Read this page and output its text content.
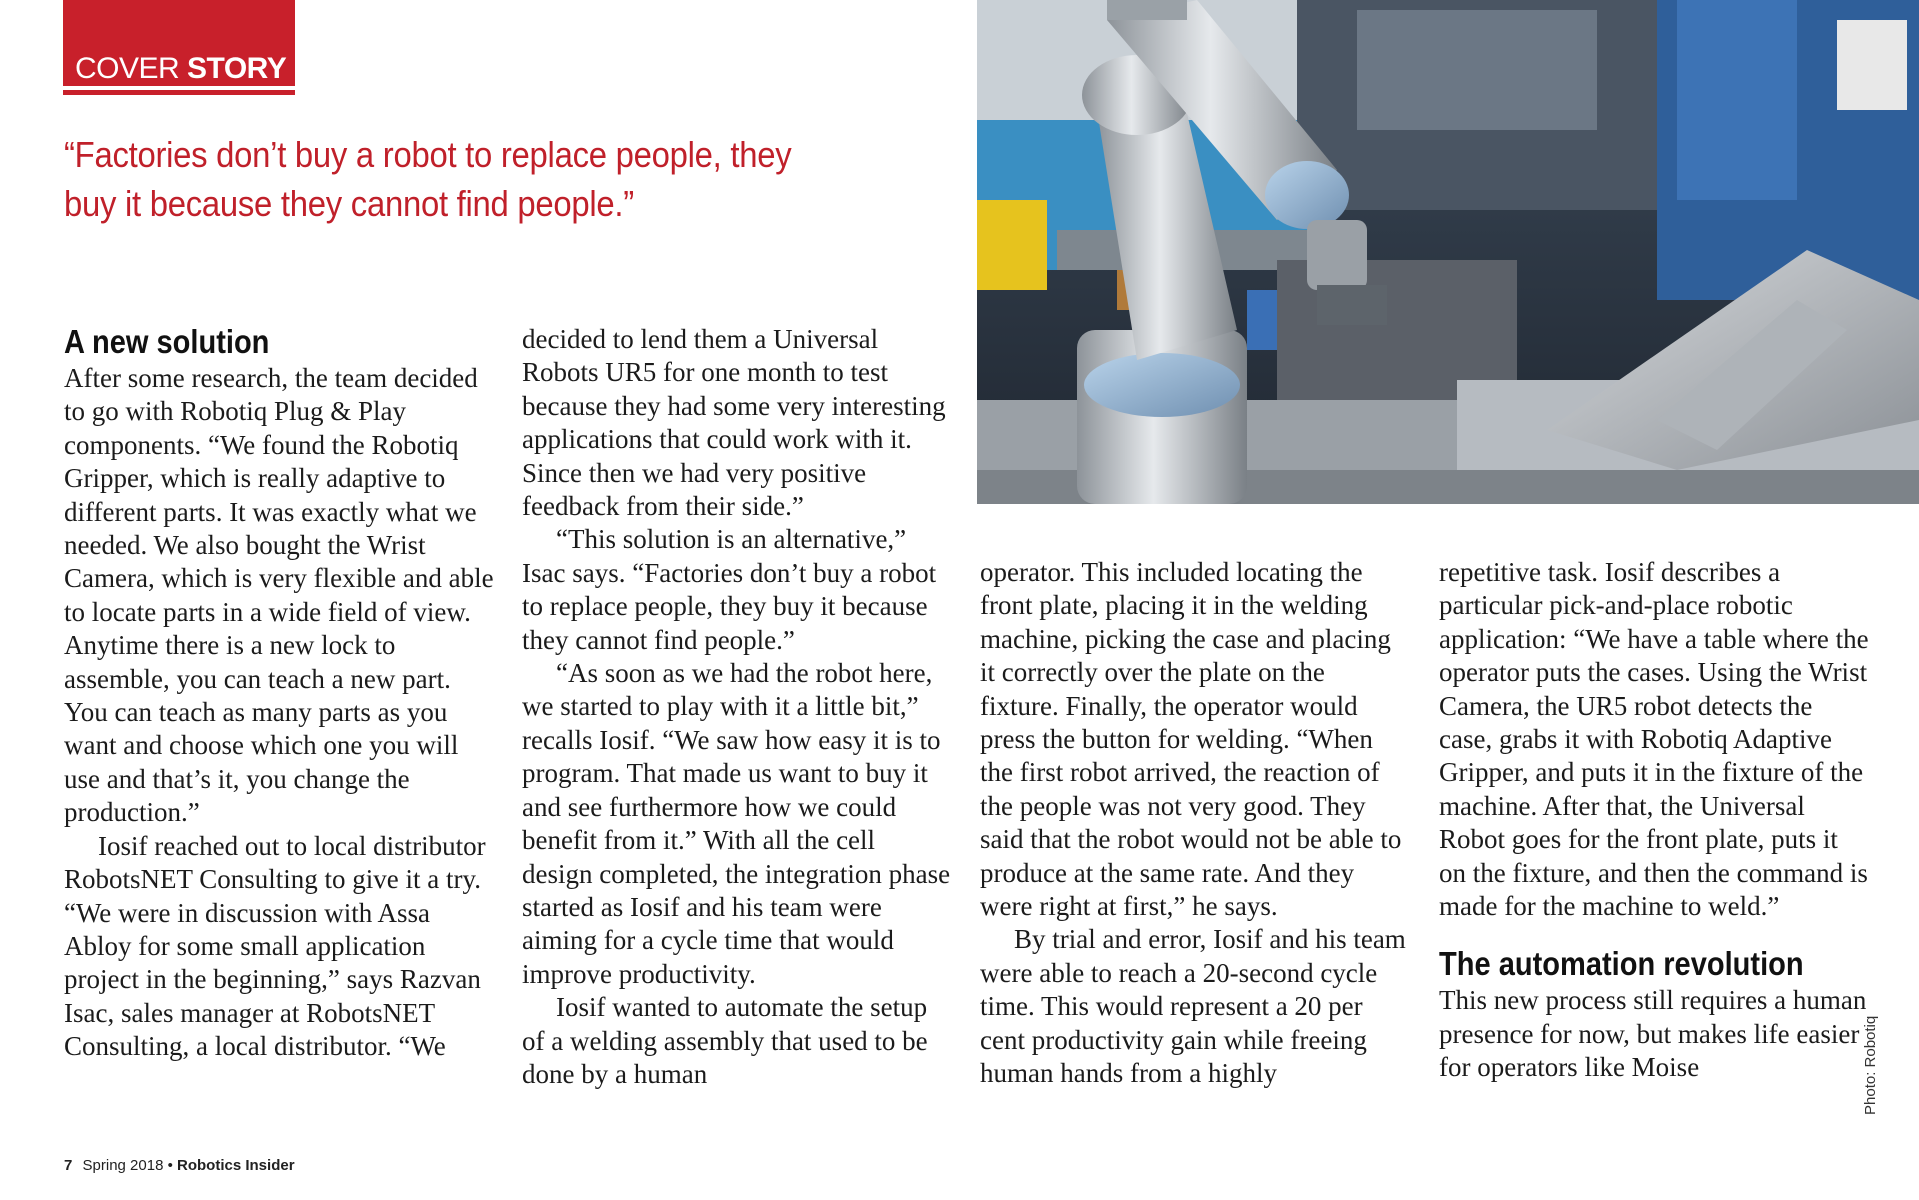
COVER STORY
“Factories don’t buy a robot to replace people, they buy it because they cannot find people.”
A new solution

After some research, the team decided to go with Robotiq Plug & Play components. “We found the Robotiq Gripper, which is really adaptive to different parts. It was exactly what we needed. We also bought the Wrist Camera, which is very flexible and able to locate parts in a wide field of view. Anytime there is a new lock to assemble, you can teach a new part. You can teach as many parts as you want and choose which one you will use and that’s it, you change the production.”

Iosif reached out to local distributor RobotsNET Consulting to give it a try. “We were in discussion with Assa Abloy for some small application project in the beginning,” says Razvan Isac, sales manager at RobotsNET Consulting, a local distributor. “We

decided to lend them a Universal Robots UR5 for one month to test because they had some very interesting applications that could work with it. Since then we had very positive feedback from their side.”

“This solution is an alternative,” Isac says. “Factories don’t buy a robot to replace people, they buy it because they cannot find people.”

“As soon as we had the robot here, we started to play with it a little bit,” recalls Iosif. “We saw how easy it is to program. That made us want to buy it and see furthermore how we could benefit from it.” With all the cell design completed, the integration phase started as Iosif and his team were aiming for a cycle time that would improve productivity.

Iosif wanted to automate the setup of a welding assembly that used to be done by a human

operator. This included locating the front plate, placing it in the welding machine, picking the case and placing it correctly over the plate on the fixture. Finally, the operator would press the button for welding. “When the first robot arrived, the reaction of the people was not very good. They said that the robot would not be able to produce at the same rate. And they were right at first,” he says.

By trial and error, Iosif and his team were able to reach a 20-second cycle time. This would represent a 20 per cent productivity gain while freeing human hands from a highly

repetitive task. Iosif describes a particular pick-and-place robotic application: “We have a table where the operator puts the cases. Using the Wrist Camera, the UR5 robot detects the case, grabs it with Robotiq Adaptive Gripper, and puts it in the fixture of the machine. After that, the Universal Robot goes for the front plate, puts it on the fixture, and then the command is made for the machine to weld.”

The automation revolution

This new process still requires a human presence for now, but makes life easier for operators like Moise	Photo: Robotiq
7 Spring 2018 • Robotics Insider
